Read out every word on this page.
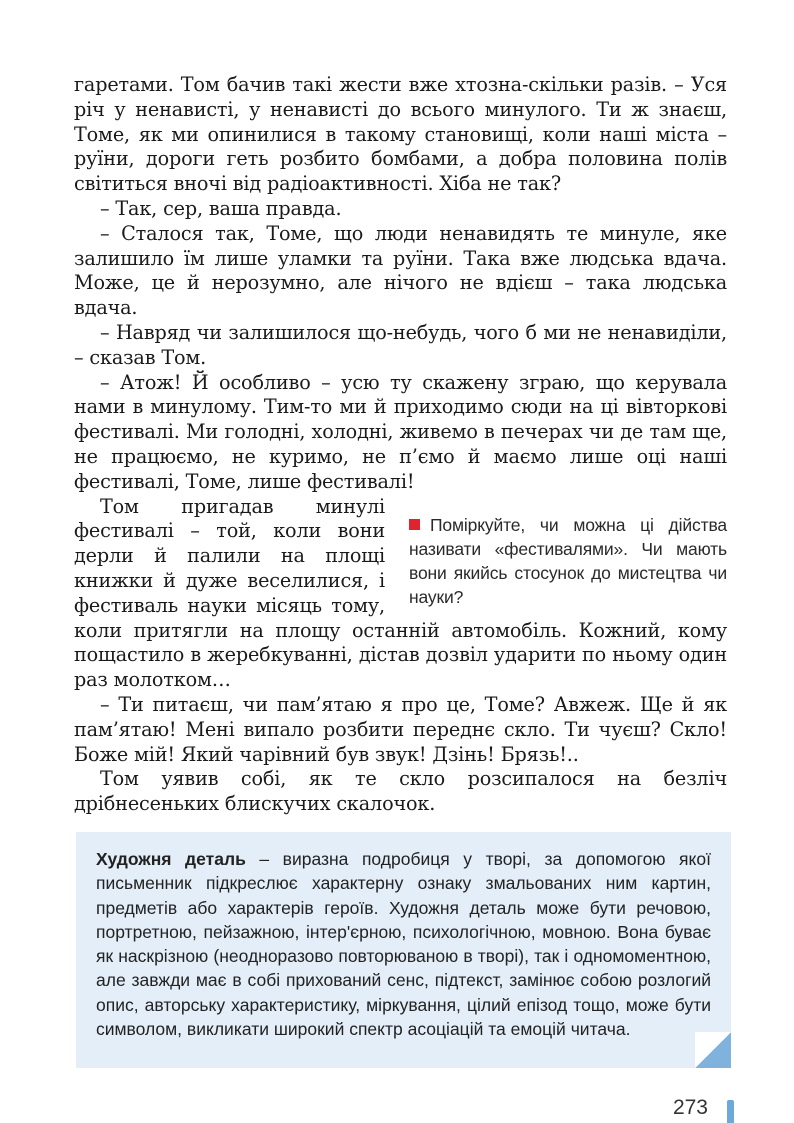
гаретами. Том бачив такі жести вже хтозна-скільки разів. – Уся річ у ненависті, у ненависті до всього минулого. Ти ж знаєш, Томе, як ми опинилися в такому становищі, коли наші міста – руїни, дороги геть розбито бомбами, а добра половина полів світиться вночі від радіоактивності. Хіба не так?

– Так, сер, ваша правда.

– Сталося так, Томе, що люди ненавидять те минуле, яке залишило їм лише уламки та руїни. Така вже людська вдача. Може, це й нерозумно, але нічого не вдієш – така людська вдача.

– Навряд чи залишилося що-небудь, чого б ми не ненавиділи, – сказав Том.

– Атож! Й особливо – усю ту скажену зграю, що керувала нами в минулому. Тим-то ми й приходимо сюди на ці вівторкові фестивалі. Ми голодні, холодні, живемо в печерах чи де там ще, не працюємо, не куримо, не п’ємо й маємо лише оці наші фестивалі, Томе, лише фестивалі!

Поміркуйте, чи можна ці дійства називати «фестивалями». Чи мають вони якийсь стосунок до мистецтва чи науки?

Том пригадав минулі фестивалі – той, коли вони дерли й палили на площі книжки й дуже веселилися, і фестиваль науки місяць тому, коли притягли на площу останній автомобіль. Кожний, кому пощастило в жеребкуванні, дістав дозвіл ударити по ньому один раз молотком…

– Ти питаєш, чи пам’ятаю я про це, Томе? Авжеж. Ще й як пам’ятаю! Мені випало розбити переднє скло. Ти чуєш? Скло! Боже мій! Який чарівний був звук! Дзінь! Брязь!..

Том уявив собі, як те скло розсипалося на безліч дрібнесеньких блискучих скалочок.

Художня деталь – виразна подробиця у творі, за допомогою якої письменник підкреслює характерну ознаку змальованих ним картин, предметів або характерів героїв. Художня деталь може бути речовою, портретною, пейзажною, інтер'єрною, психологічною, мовною. Вона буває як наскрізною (неодноразово повторюваною в творі), так і одномоментною, але завжди має в собі прихований сенс, підтекст, замінює собою розлогий опис, авторську характеристику, міркування, цілий епізод тощо, може бути символом, викликати широкий спектр асоціацій та емоцій читача.
273
